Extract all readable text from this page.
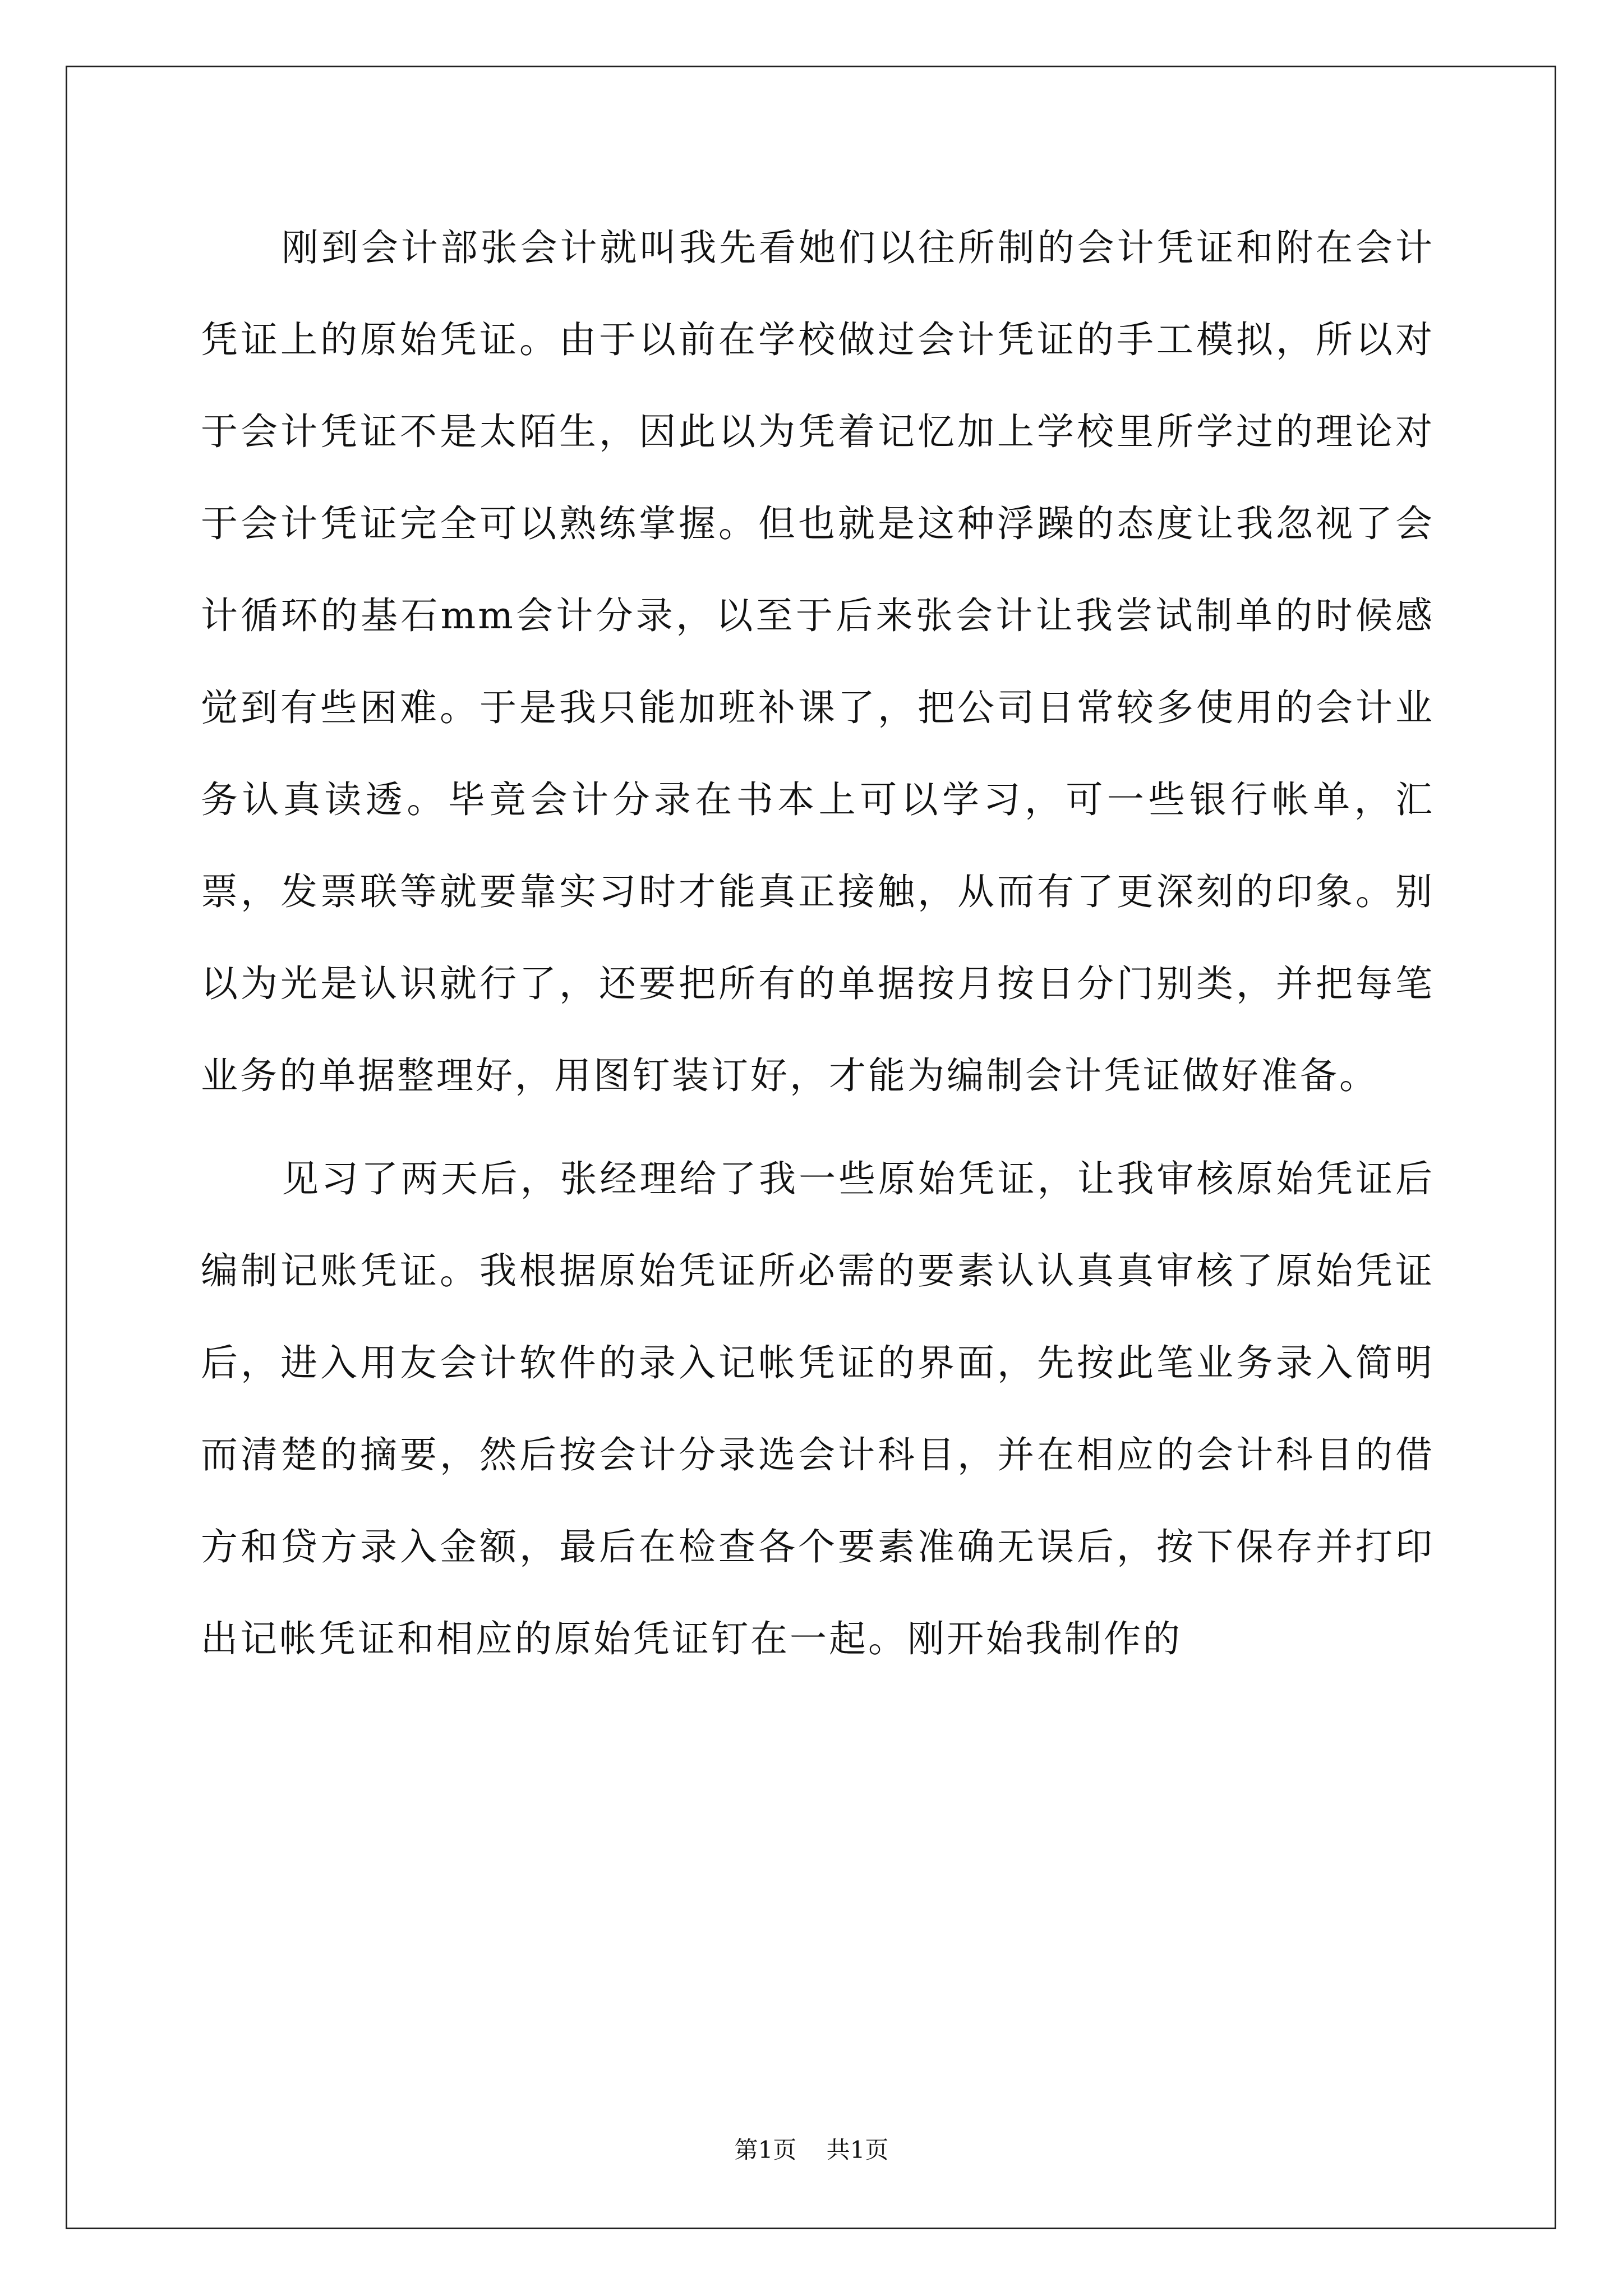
刚到会计部张会计就叫我先看她们以往所制的会计凭证和附在会计凭证上的原始凭证。由于以前在学校做过会计凭证的手工模拟，所以对于会计凭证不是太陌生，因此以为凭着记忆加上学校里所学过的理论对于会计凭证完全可以熟练掌握。但也就是这种浮躁的态度让我忽视了会计循环的基石mm会计分录，以至于后来张会计让我尝试制单的时候感觉到有些困难。于是我只能加班补课了，把公司日常较多使用的会计业务认真读透。毕竟会计分录在书本上可以学习，可一些银行帐单，汇票，发票联等就要靠实习时才能真正接触，从而有了更深刻的印象。别以为光是认识就行了，还要把所有的单据按月按日分门别类，并把每笔业务的单据整理好，用图钉装订好，才能为编制会计凭证做好准备。

见习了两天后，张经理给了我一些原始凭证，让我审核原始凭证后编制记账凭证。我根据原始凭证所必需的要素认认真真审核了原始凭证后，进入用友会计软件的录入记帐凭证的界面，先按此笔业务录入简明而清楚的摘要，然后按会计分录选会计科目，并在相应的会计科目的借方和贷方录入金额，最后在检查各个要素准确无误后，按下保存并打印出记帐凭证和相应的原始凭证钉在一起。刚开始我制作的

第1页 共1页
